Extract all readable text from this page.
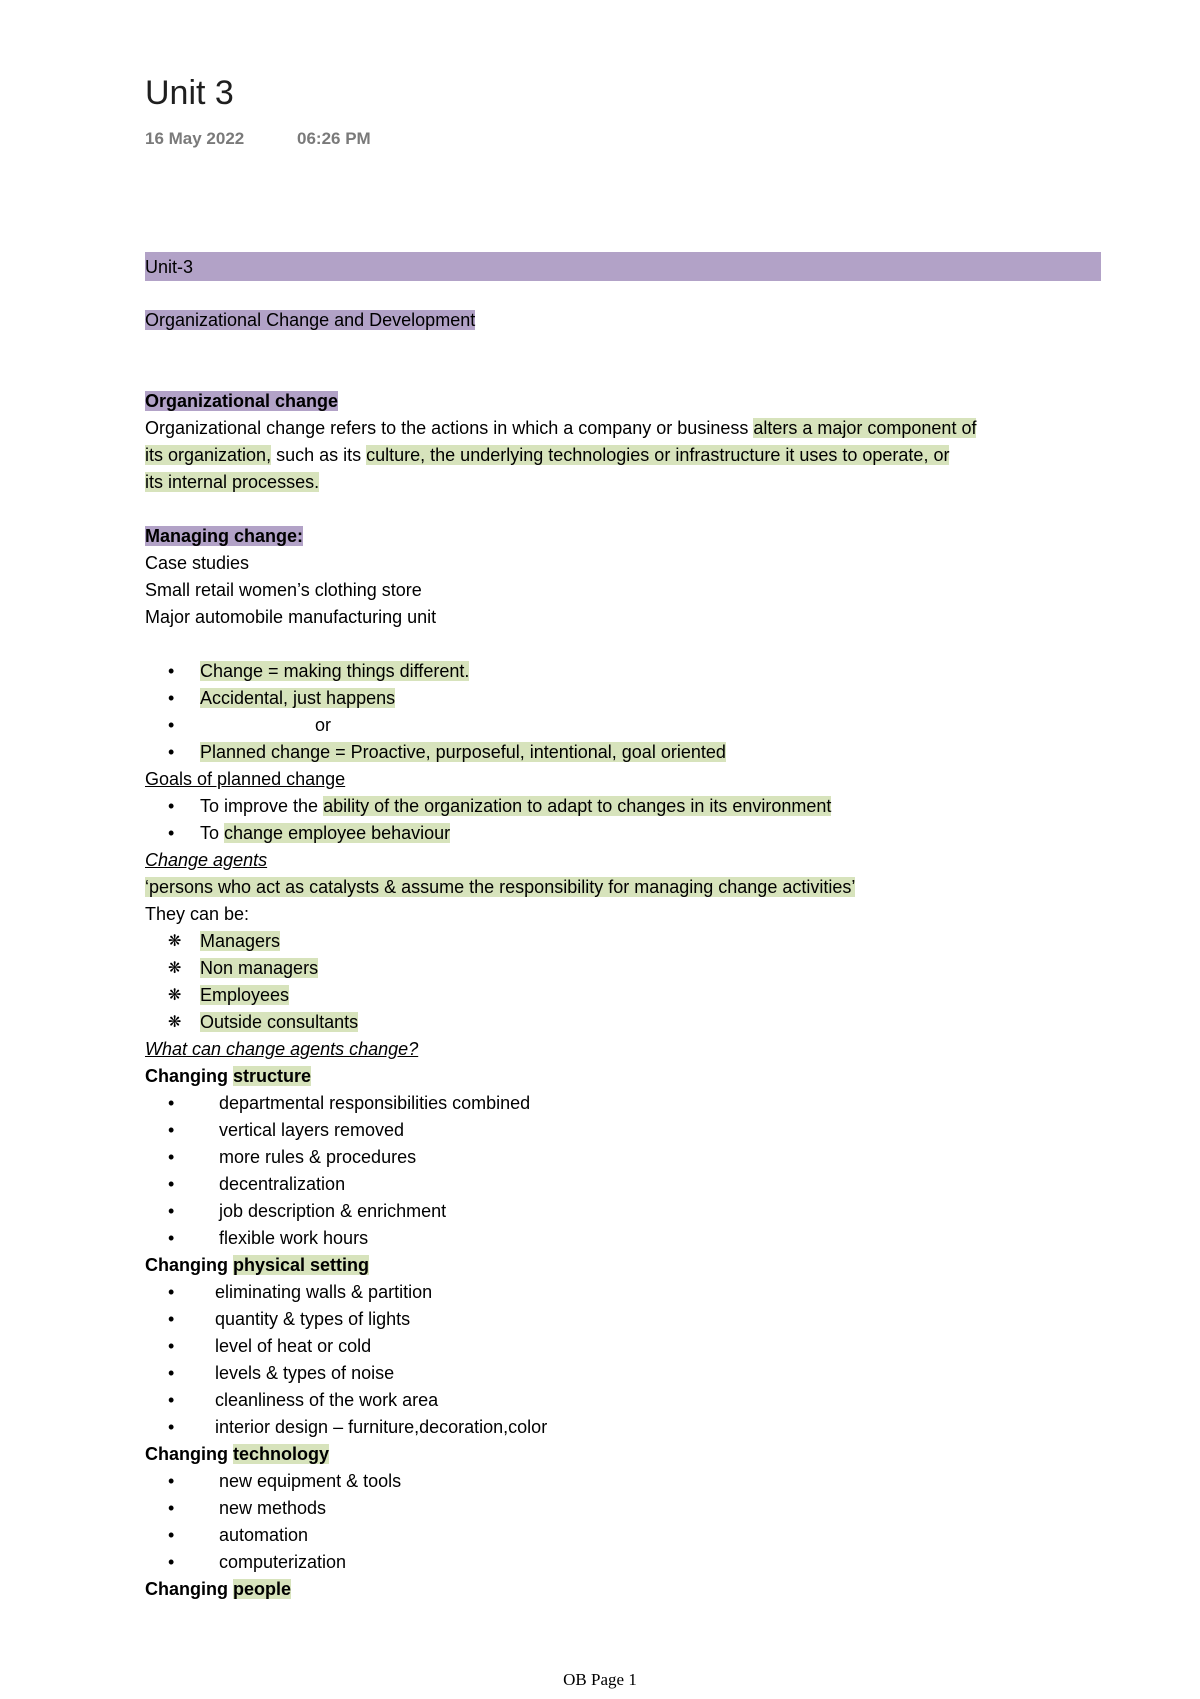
Unit 3
16 May 2022	06:26 PM
Unit-3
Organizational Change and Development
Organizational change
Organizational change refers to the actions in which a company or business alters a major component of
its organization, such as its culture, the underlying technologies or infrastructure it uses to operate, or
its internal processes.
Managing change:
Case studies
Small retail women’s clothing store
Major automobile manufacturing unit
• Change = making things different.
• Accidental, just happens
•	or
• Planned change = Proactive, purposeful, intentional, goal oriented
Goals of planned change
• To improve the ability of the organization to adapt to changes in its environment
• To change employee behaviour
Change agents
‘persons who act as catalysts & assume the responsibility for managing change activities’
They can be:
❋ Managers
❋ Non managers
❋ Employees
❋ Outside consultants
What can change agents change?
Changing structure
• departmental responsibilities combined
• vertical layers removed
• more rules & procedures
• decentralization
• job description & enrichment
• flexible work hours
Changing physical setting
• eliminating walls & partition
• quantity & types of lights
• level of heat or cold
• levels & types of noise
• cleanliness of the work area
• interior design – furniture,decoration,color
Changing technology
• new equipment & tools
• new methods
• automation
• computerization
Changing people
OB Page 1
